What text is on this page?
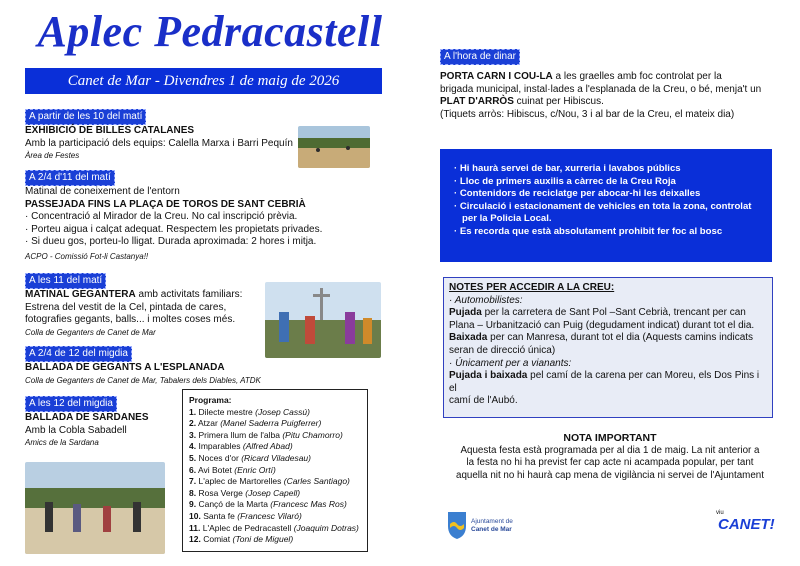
Aplec Pedracastell
Canet de Mar - Divendres 1 de maig de 2026
A partir de les 10 del matí
EXHIBICIÓ DE BILLES CATALANES
Amb la participació dels equips: Calella Marxa i Barri Pequín
Àrea de Festes
A 2/4 d'11 del matí
Matinal de coneixement de l'entorn
PASSEJADA FINS LA PLAÇA DE TOROS DE SANT CEBRIÀ
· Concentració al Mirador de la Creu. No cal inscripció prèvia.
· Porteu aigua i calçat adequat. Respectem les propietats privades.
· Si dueu gos, porteu-lo lligat. Durada aproximada: 2 hores i mitja.
ACPO - Comissió Fot-li Castanya!!
A les 11 del matí
MATINAL GEGANTERA amb activitats familiars:
Estrena del vestit de la Cel, pintada de cares,
fotografies gegants, balls... i moltes coses més.
Colla de Geganters de Canet de Mar
A 2/4 de 12 del migdia
BALLADA DE GEGANTS A L'ESPLANADA
Colla de Geganters de Canet de Mar, Tabalers dels Diables, ATDK
A les 12 del migdia
BALLADA DE SARDANES
Amb la Cobla Sabadell
Amics de la Sardana
Programa:
1. Dilecte mestre (Josep Cassú)
2. Atzar (Manel Saderra Puigferrer)
3. Primera llum de l'alba (Pitu Chamorro)
4. Imparables (Alfred Abad)
5. Noces d'or (Ricard Viladesau)
6. Avi Botet (Enric Ortí)
7. L'aplec de Martorelles (Carles Santiago)
8. Rosa Verge (Josep Capell)
9. Cançó de la Marta (Francesc Mas Ros)
10. Santa fe (Francesc Vilaró)
11. L'Aplec de Pedracastell (Joaquim Dotras)
12. Comiat (Toni de Miguel)
A l'hora de dinar
PORTA CARN I COU-LA a les graelles amb foc controlat per la
brigada municipal, instal·lades a l'esplanada de la Creu, o bé, menja't un
PLAT D'ARRÒS cuinat per Hibiscus.
(Tiquets arròs: Hibiscus, c/Nou, 3 i al bar de la Creu, el mateix dia)
· Hi haurà servei de bar, xurreria i lavabos públics
· Lloc de primers auxilis a càrrec de la Creu Roja
· Contenidors de reciclatge per abocar-hi les deixalles
· Circulació i estacionament de vehicles en tota la zona, controlat
per la Policia Local.
· Es recorda que està absolutament prohibit fer foc al bosc
NOTES PER ACCEDIR A LA CREU:
· Automobilistes:
Pujada per la carretera de Sant Pol –Sant Cebrià, trencant per can
Plana – Urbanització can Puig (degudament indicat) durant tot el dia.
Baixada per can Manresa, durant tot el dia (Aquests camins indicats
seran de direcció única)
· Únicament per a vianants:
Pujada i baixada pel camí de la carena per can Moreu, els Dos Pins i el
camí de l'Aubó.
NOTA IMPORTANT
Aquesta festa està programada per al dia 1 de maig. La nit anterior a
la festa no hi ha previst fer cap acte ni acampada popular, per tant
aquella nit no hi haurà cap mena de vigilància ni servei de l'Ajuntament
Ajuntament de
Canet de Mar
viu
CANET!
